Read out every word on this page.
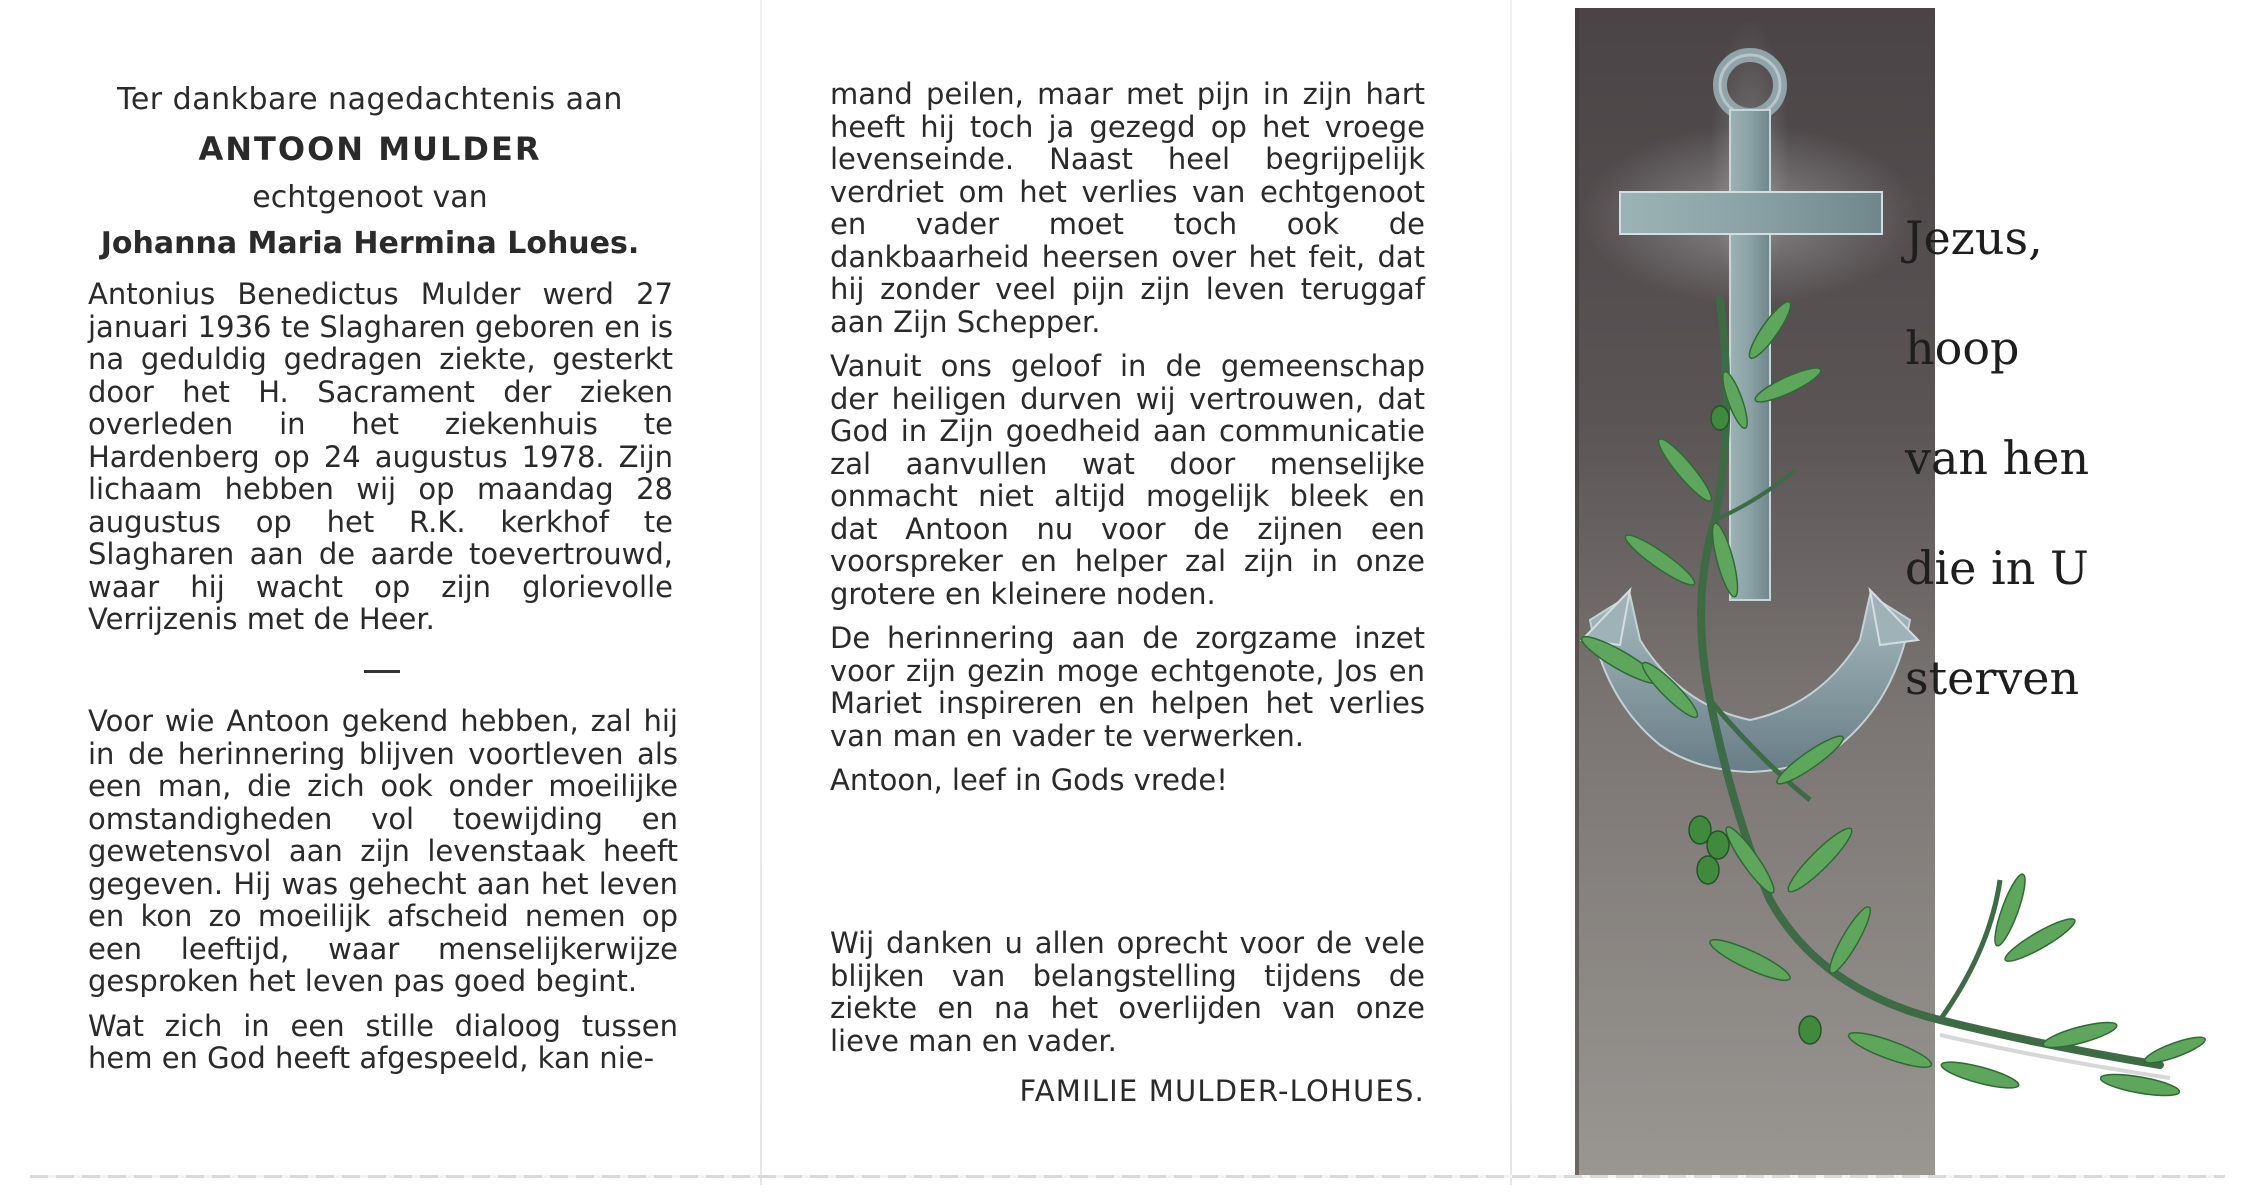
Ter dankbare nagedachtenis aan
ANTOON MULDER
echtgenoot van
Johanna Maria Hermina Lohues.
Antonius Benedictus Mulder werd 27 januari 1936 te Slagharen geboren en is na geduldig gedragen ziekte, gesterkt door het H. Sacrament der zieken overleden in het ziekenhuis te Hardenberg op 24 augustus 1978. Zijn lichaam hebben wij op maandag 28 augustus op het R.K. kerkhof te Slagharen aan de aarde toevertrouwd, waar hij wacht op zijn glorievolle Verrijzenis met de Heer.

Voor wie Antoon gekend hebben, zal hij in de herinnering blijven voortleven als een man, die zich ook onder moeilijke omstandigheden vol toewijding en gewetensvol aan zijn levenstaak heeft gegeven. Hij was gehecht aan het leven en kon zo moeilijk afscheid nemen op een leeftijd, waar menselijkerwijze gesproken het leven pas goed begint.

Wat zich in een stille dialoog tussen hem en God heeft afgespeeld, kan nie-

mand peilen, maar met pijn in zijn hart heeft hij toch ja gezegd op het vroege levenseinde. Naast heel begrijpelijk verdriet om het verlies van echtgenoot en vader moet toch ook de dankbaarheid heersen over het feit, dat hij zonder veel pijn zijn leven teruggaf aan Zijn Schepper.

Vanuit ons geloof in de gemeenschap der heiligen durven wij vertrouwen, dat God in Zijn goedheid aan communicatie zal aanvullen wat door menselijke onmacht niet altijd mogelijk bleek en dat Antoon nu voor de zijnen een voorspreker en helper zal zijn in onze grotere en kleinere noden.

De herinnering aan de zorgzame inzet voor zijn gezin moge echtgenote, Jos en Mariet inspireren en helpen het verlies van man en vader te verwerken.

Antoon, leef in Gods vrede!

Wij danken u allen oprecht voor de vele blijken van belangstelling tijdens de ziekte en na het overlijden van onze lieve man en vader.
FAMILIE MULDER-LOHUES.
Jezus,
hoop
van hen
die in U
sterven
